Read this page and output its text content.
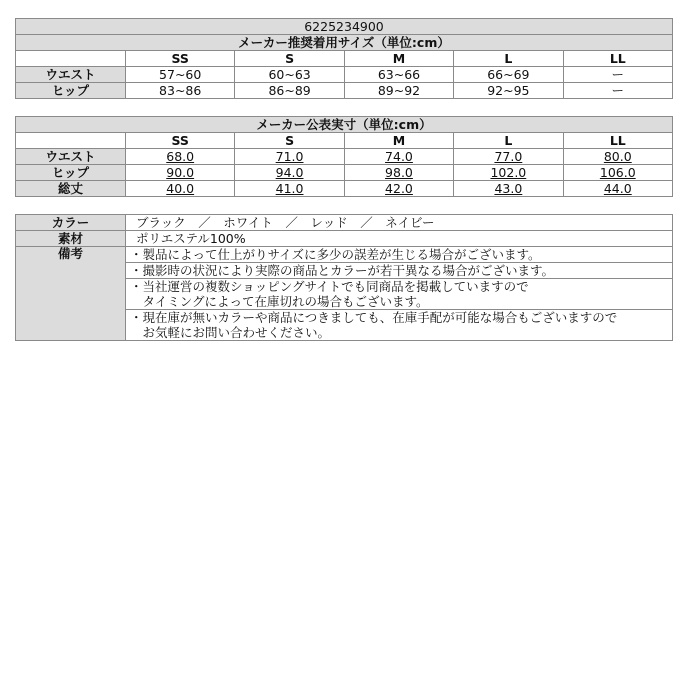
6225234900					
メーカー推奨着用サイズ（単位:cm）					
	SS	S	M	L	LL
ウエスト	57~60	60~63	63~66	66~69	ー
ヒップ	83~86	86~89	89~92	92~95	ー
メーカー公表実寸（単位:cm）					
	SS	S	M	L	LL
ウエスト	68.0	71.0	74.0	77.0	80.0
ヒップ	90.0	94.0	98.0	102.0	106.0
総丈	40.0	41.0	42.0	43.0	44.0
カラー	ブラック　／　ホワイト　／　レッド　／　ネイビー
素材	ポリエステル100%
備考	・製品によって仕上がりサイズに多少の誤差が生じる場合がございます。
	・撮影時の状況により実際の商品とカラーが若干異なる場合がございます。

	・当社運営の複数ショッピングサイトでも同商品を掲載していますので
　タイミングによって在庫切れの場合もございます。

	・現在庫が無いカラーや商品につきましても、在庫手配が可能な場合もございますので
　お気軽にお問い合わせください。
